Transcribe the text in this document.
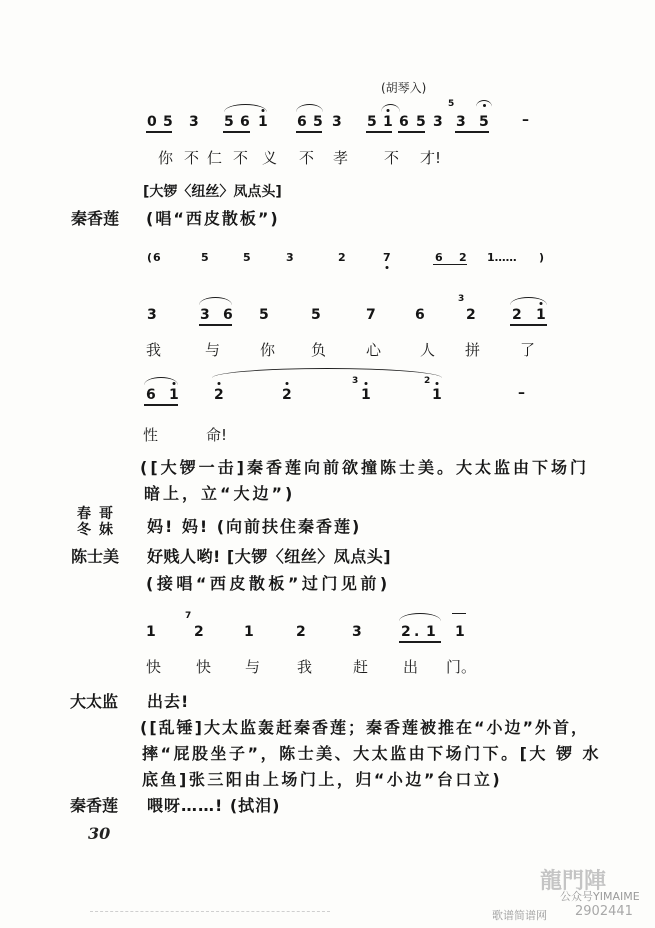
(胡琴入)
0 5 3 5 6 1 6 5 3 5 1 6 5 3
5
3 5 –
你 不 仁 不 义 不 孝 不 才!
[大锣〈纽丝〉凤点头]
秦香莲 (唱“西皮散板”)
( 6	5	5	3	2	7	6 2 1…… )
3	3 6 5	5	7	6
3
2	2 1
我	与	你 负	心	人 拼	了
6 1	2	2
3
1
2
1	–
性	命!
([大锣一击]秦香莲向前欲撞陈士美。大太监由下场门
暗上，立“大边”)
春 哥
冬 妹 妈! 妈! (向前扶住秦香莲)
陈士美 好贱人哟! [大锣〈纽丝〉凤点头]
(接唱“西皮散板”过门见前)
1
7
2	1	2	3	2 . 1 1
快 快 与 我	赶 出 门。
大太监 出去!
([乱锤]大太监轰赶秦香莲；秦香莲被推在“小边”外首，
摔“屁股坐子”，陈士美、大太监由下场门下。[大 锣 水
底鱼]张三阳由上场门上，归“小边”台口立)
秦香莲 喂呀……! (拭泪)
30
龍門陣
公众号YIMAIME
歌谱简谱网 2902441
